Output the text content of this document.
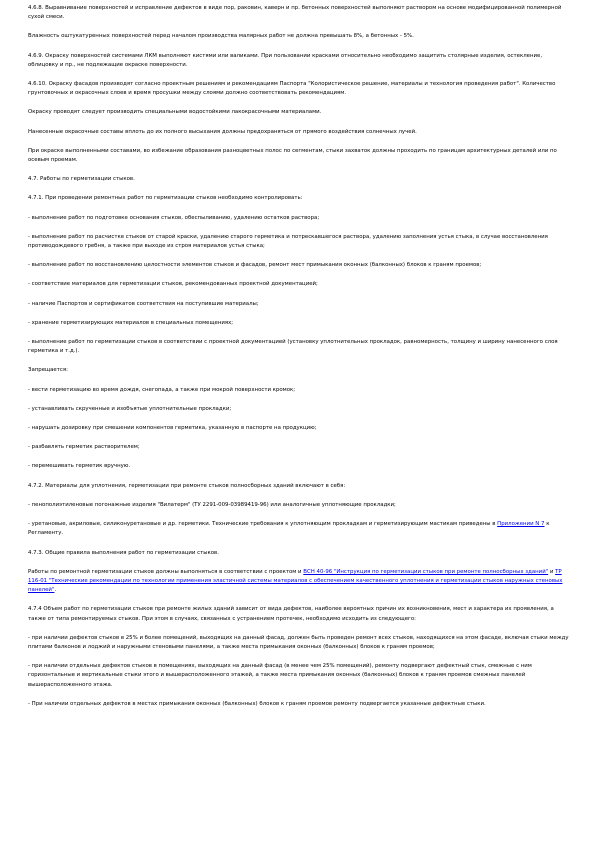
4.6.8. Выравнивание поверхностей и исправление дефектов в виде пор, раковин, каверн и пр. бетонных поверхностей выполняют раствором на основе модифицированной полимерной сухой смеси.

Влажность оштукатуренных поверхностей перед началом производства малярных работ не должна превышать 8%, а бетонных - 5%.

4.6.9. Окраску поверхностей системами ЛКМ выполняют кистями или валиками. При пользовании красками относительно необходимо защитить столярные изделия, остекление, облицовку и пр., не подлежащие окраске поверхности.

4.6.10. Окраску фасадов производят согласно проектным решениям и рекомендациям Паспорта "Колористическое решение, материалы и технология проведения работ". Количество грунтовочных и окрасочных слоев и время просушки между слоями должно соответствовать рекомендациям.

Окраску проводят следует производить специальными водостойкими лакокрасочными материалами.

Нанесенные окрасочные составы вплоть до их полного высыхания должны предохраняться от прямого воздействия солнечных лучей.

При окраске выполненными составами, во избежание образования разноцветных полос по сегментам, стыки захваток должны проходить по границам архитектурных деталей или по осевым проемам.

4.7. Работы по герметизации стыков.

4.7.1. При проведении ремонтных работ по герметизации стыков необходимо контролировать:

- выполнение работ по подготовке основания стыков, обеспыливанию, удалению остатков раствора;

- выполнение работ по расчистке стыков от старой краски, удалению старого герметика и потрескавшегося раствора, удалению заполнения устья стыка, в случае восстановления противодождевого гребня, а также при выходе из строя материалов устья стыка;

- выполнение работ по восстановлению целостности элементов стыков и фасадов, ремонт мест примыкания оконных (балконных) блоков к граням проемов;

- соответствие материалов для герметизации стыков, рекомендованных проектной документацией;

- наличие Паспортов и сертификатов соответствия на поступившие материалы;

- хранение герметизирующих материалов в специальных помещениях;

- выполнение работ по герметизации стыков в соответствии с проектной документацией (установку уплотнительных прокладок, равномерность, толщину и ширину нанесенного слоя герметика и т.д.).

Запрещается:

- вести герметизацию во время дождя, снегопада, а также при мокрой поверхности кромок;

- устанавливать скрученные и изобъятые уплотнительные прокладки;

- нарушать дозировку при смешении компонентов герметика, указанную в паспорте на продукцию;

- разбавлять герметик растворителем;

- перемешивать герметик вручную.

4.7.2. Материалы для уплотнения, герметизации при ремонте стыков полносборных зданий включают в себя:

- пенополиэтиленовые погонажные изделия "Вилатерм" (ТУ 2291-009-03989419-96) или аналогичные уплотняющие прокладки;

- уретановые, акриловые, силиконуретановые и др. герметики. Технические требования к уплотняющим прокладкам и герметизирующим мастикам приведены в Приложении N 7 к Регламенту.

4.7.3. Общие правила выполнения работ по герметизации стыков.

Работы по ремонтной герметизации стыков должны выполняться в соответствии с проектом и ВСН 40-96 "Инструкция по герметизации стыков при ремонте полносборных зданий" и ТР 116-01 "Технические рекомендации по технологии применения эластичной системы материалов с обеспечением качественного уплотнения и герметизации стыков наружных стеновых панелей".

4.7.4 Объем работ по герметизации стыков при ремонте жилых зданий зависит от вида дефектов, наиболее вероятных причин их возникновения, мест и характера их проявления, а также от типа ремонтируемых стыков. При этом в случаях, связанных с устранением протечек, необходимо исходить из следующего:

- при наличии дефектов стыков в 25% и более помещений, выходящих на данный фасад, должен быть проведен ремонт всех стыков, находящихся на этом фасаде, включая стыки между плитами балконов и лоджий и наружными стеновыми панелями, а также места примыкания оконных (балконных) блоков к граням проемов;

- при наличии отдельных дефектов стыков в помещениях, выходящих на данный фасад (в менее чем 25% помещений), ремонту подвергают дефектный стык, смежные с ним горизонтальные и вертикальные стыки этого и вышерасположенного этажей, а также места примыкания оконных (балконных) блоков к граням проемов смежных панелей вышерасположенного этажа.

- При наличии отдельных дефектов в местах примыкания оконных (балконных) блоков к граням проемов ремонту подвергается указанные дефектные стыки.
